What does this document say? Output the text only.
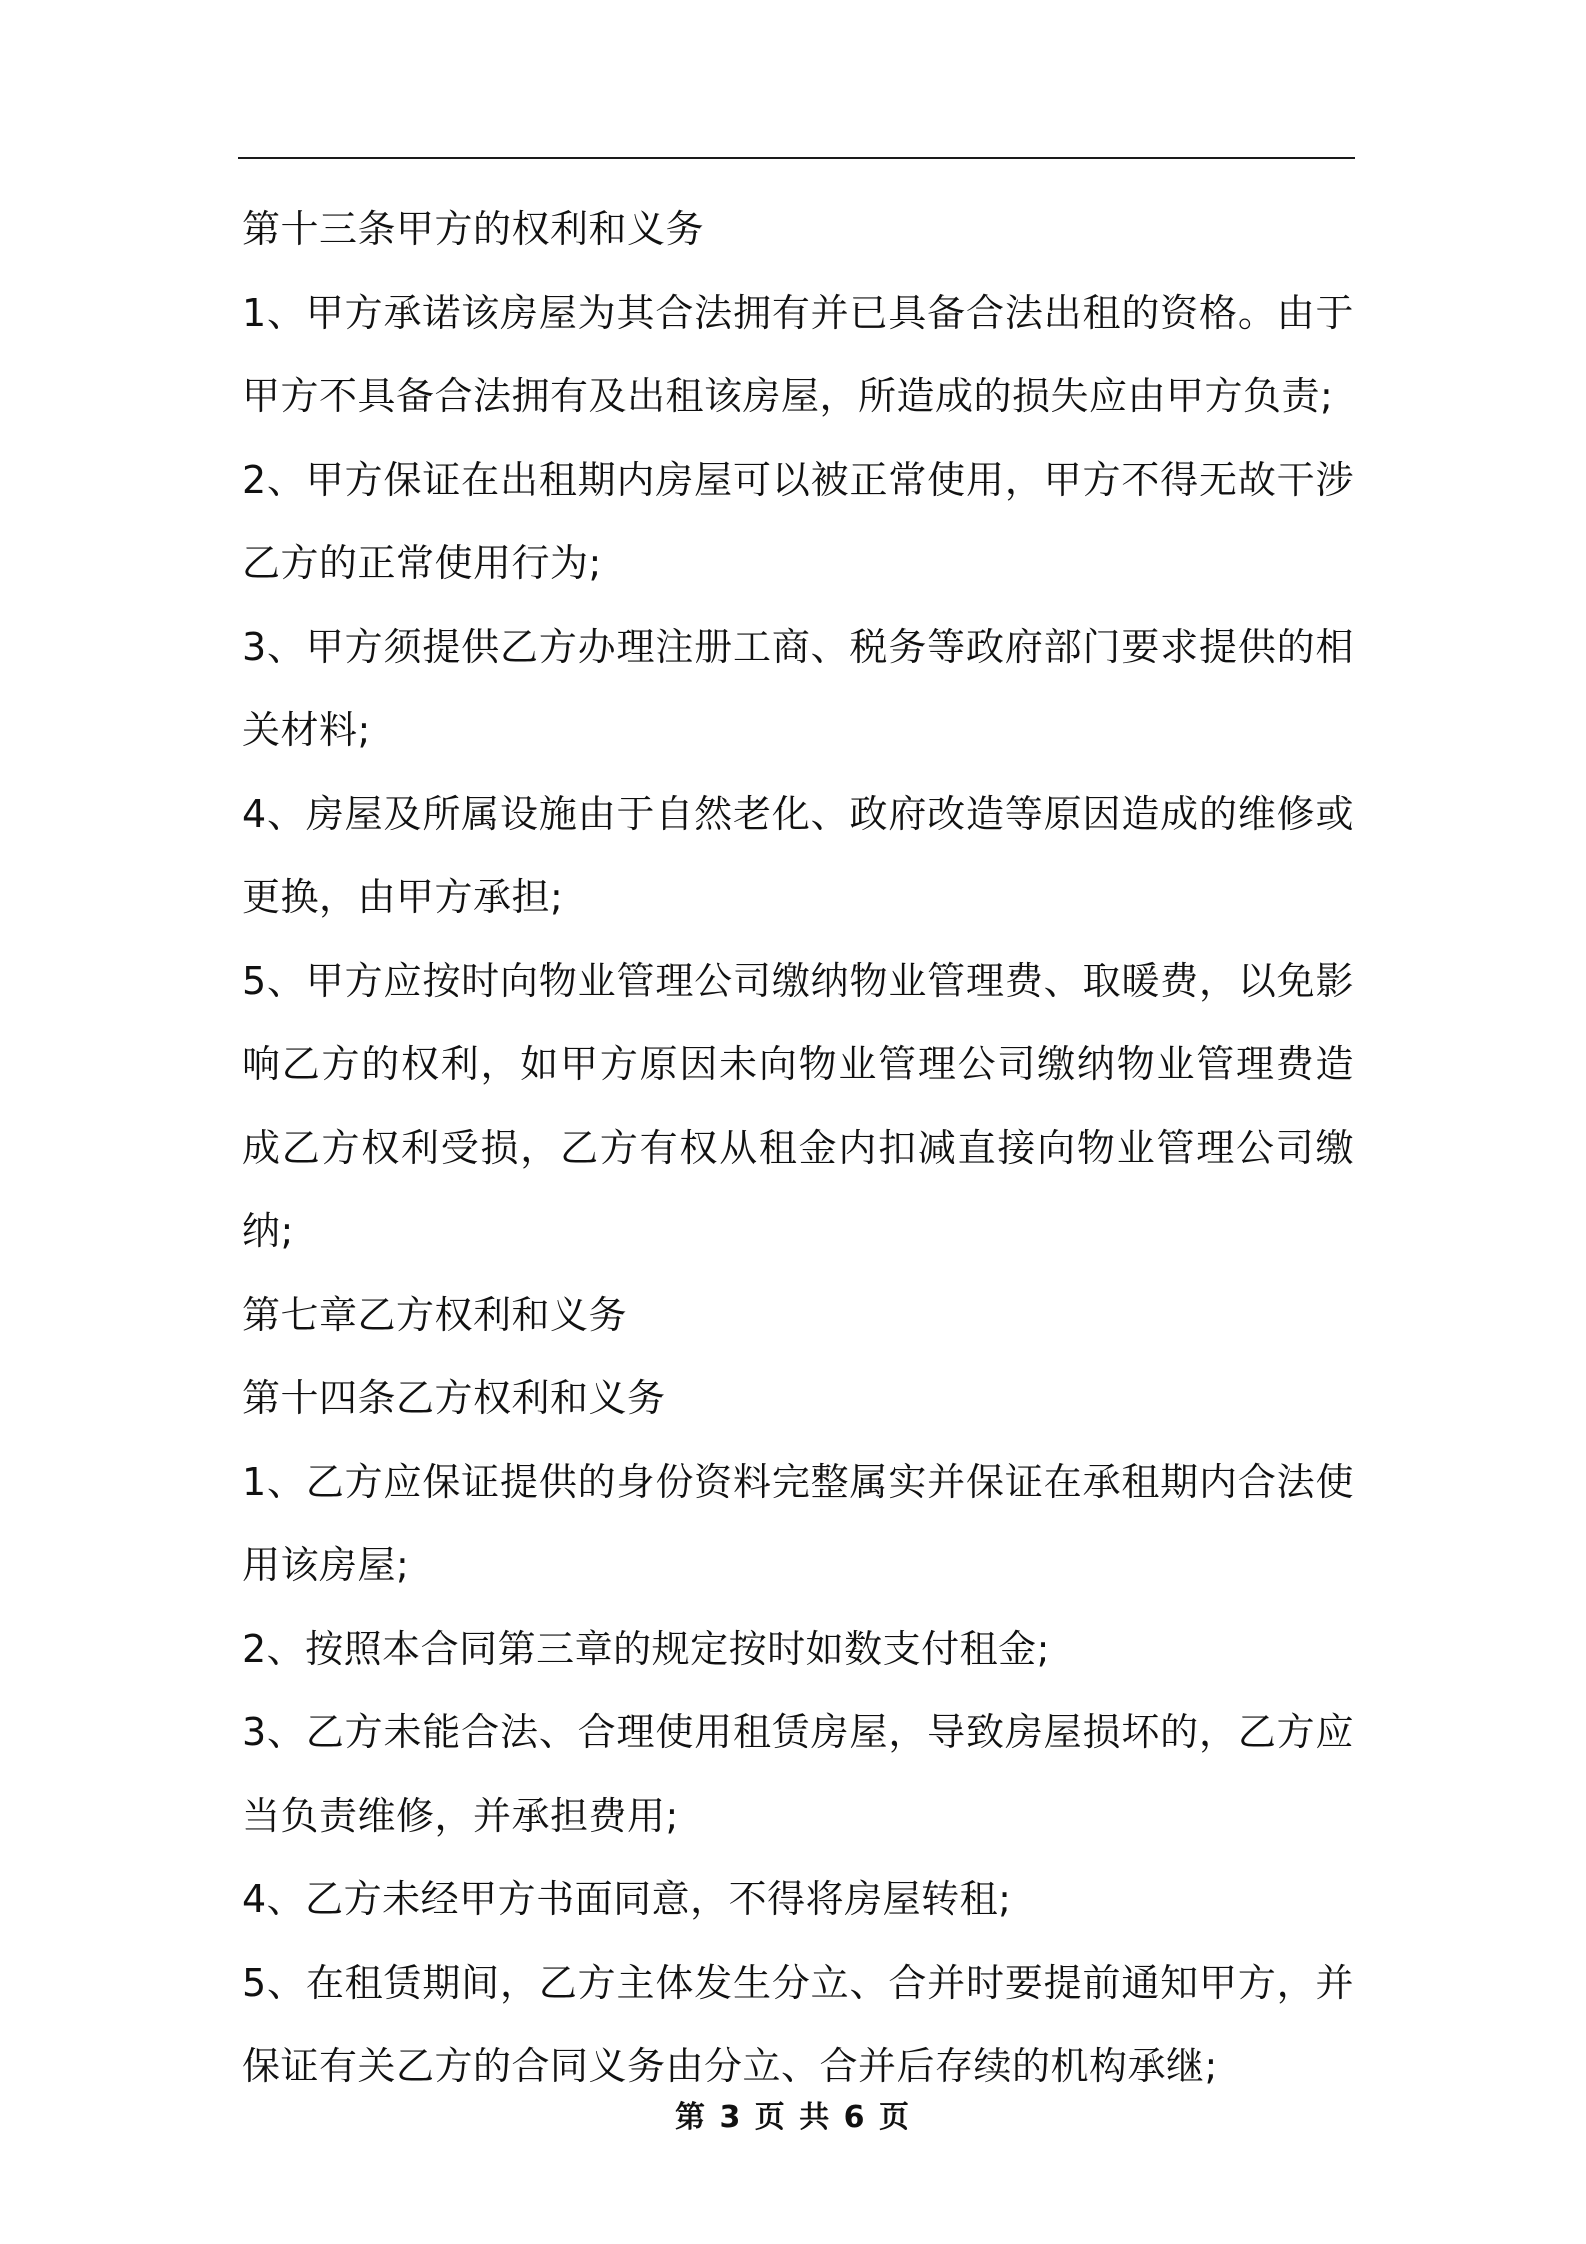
第十三条甲方的权利和义务

1、甲方承诺该房屋为其合法拥有并已具备合法出租的资格。由于甲方不具备合法拥有及出租该房屋，所造成的损失应由甲方负责;

2、甲方保证在出租期内房屋可以被正常使用，甲方不得无故干涉乙方的正常使用行为;

3、甲方须提供乙方办理注册工商、税务等政府部门要求提供的相关材料;

4、房屋及所属设施由于自然老化、政府改造等原因造成的维修或更换，由甲方承担;

5、甲方应按时向物业管理公司缴纳物业管理费、取暖费，以免影响乙方的权利，如甲方原因未向物业管理公司缴纳物业管理费造成乙方权利受损，乙方有权从租金内扣减直接向物业管理公司缴纳;

第七章乙方权利和义务

第十四条乙方权利和义务

1、乙方应保证提供的身份资料完整属实并保证在承租期内合法使用该房屋;

2、按照本合同第三章的规定按时如数支付租金;

3、乙方未能合法、合理使用租赁房屋，导致房屋损坏的，乙方应当负责维修，并承担费用;

4、乙方未经甲方书面同意，不得将房屋转租;

5、在租赁期间，乙方主体发生分立、合并时要提前通知甲方，并保证有关乙方的合同义务由分立、合并后存续的机构承继;

第 3 页 共 6 页
